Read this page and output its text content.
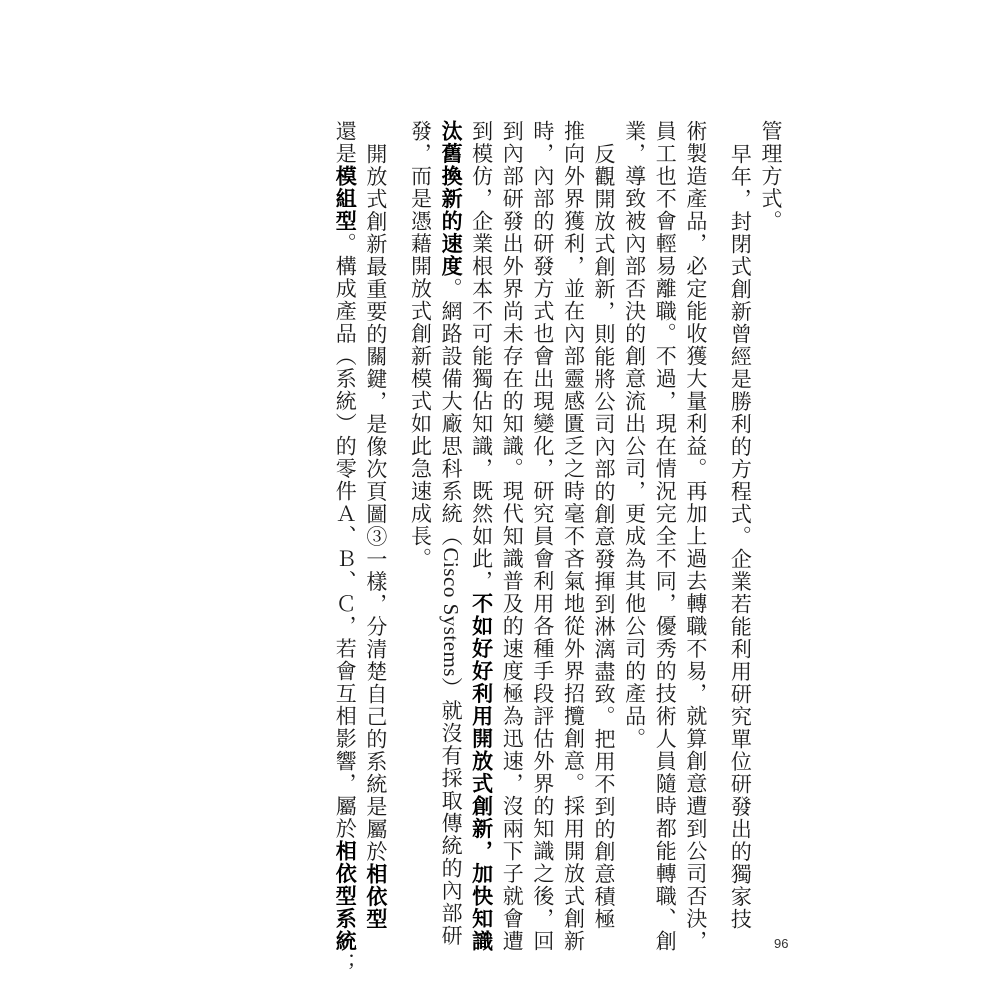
管理方式。
早年，封閉式創新曾經是勝利的方程式。企業若能利用研究單位研發出的獨家技
術製造產品，必定能收獲大量利益。再加上過去轉職不易，就算創意遭到公司否決，
員工也不會輕易離職。不過，現在情況完全不同，優秀的技術人員隨時都能轉職、創
業，導致被內部否決的創意流出公司，更成為其他公司的產品。
反觀開放式創新，則能將公司內部的創意發揮到淋漓盡致。把用不到的創意積極
推向外界獲利，並在內部靈感匱乏之時毫不吝氣地從外界招攬創意。採用開放式創新
時，內部的研發方式也會出現變化，研究員會利用各種手段評估外界的知識之後，回
到內部研發出外界尚未存在的知識。現代知識普及的速度極為迅速，沒兩下子就會遭
到模仿，企業根本不可能獨佔知識，既然如此，不如好好利用開放式創新，加快知識
汰舊換新的速度。網路設備大廠思科系統（Cisco Systems）就沒有採取傳統的內部研
發，而是憑藉開放式創新模式如此急速成長。
開放式創新最重要的關鍵，是像次頁圖③一樣，分清楚自己的系統是屬於相依型
還是模組型。構成產品（系統）的零件Ａ、Ｂ、Ｃ，若會互相影響，屬於相依型系統；
96
